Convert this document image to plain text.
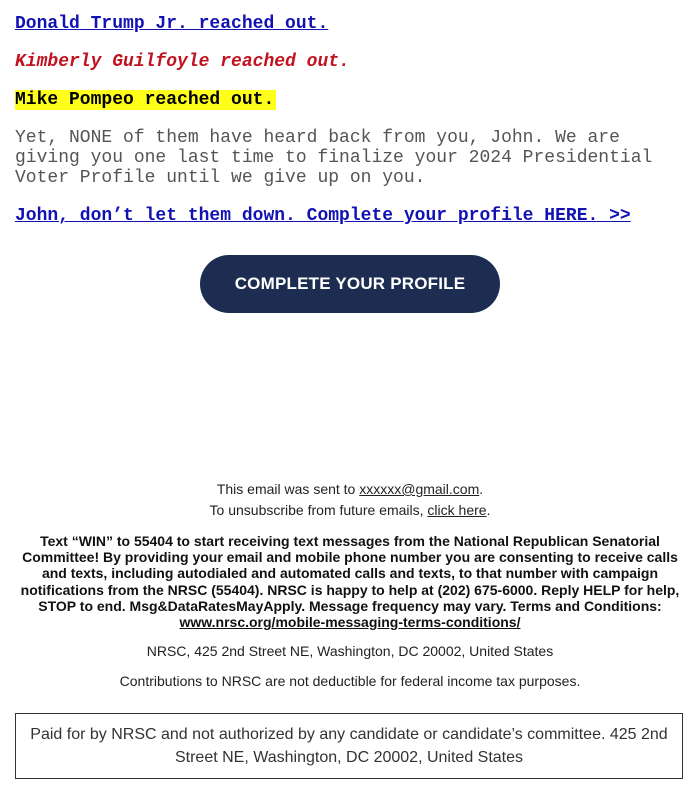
Donald Trump Jr. reached out.
Kimberly Guilfoyle reached out.
Mike Pompeo reached out.
Yet, NONE of them have heard back from you, John. We are giving you one last time to finalize your 2024 Presidential Voter Profile until we give up on you.
John, don’t let them down. Complete your profile HERE. >>
COMPLETE YOUR PROFILE
This email was sent to xxxxxx@gmail.com.
To unsubscribe from future emails, click here.
Text “WIN” to 55404 to start receiving text messages from the National Republican Senatorial Committee! By providing your email and mobile phone number you are consenting to receive calls and texts, including autodialed and automated calls and texts, to that number with campaign notifications from the NRSC (55404). NRSC is happy to help at (202) 675-6000. Reply HELP for help, STOP to end. Msg&DataRatesMayApply. Message frequency may vary. Terms and Conditions: www.nrsc.org/mobile-messaging-terms-conditions/
NRSC, 425 2nd Street NE, Washington, DC 20002, United States
Contributions to NRSC are not deductible for federal income tax purposes.
Paid for by NRSC and not authorized by any candidate or candidate’s committee. 425 2nd Street NE, Washington, DC 20002, United States
